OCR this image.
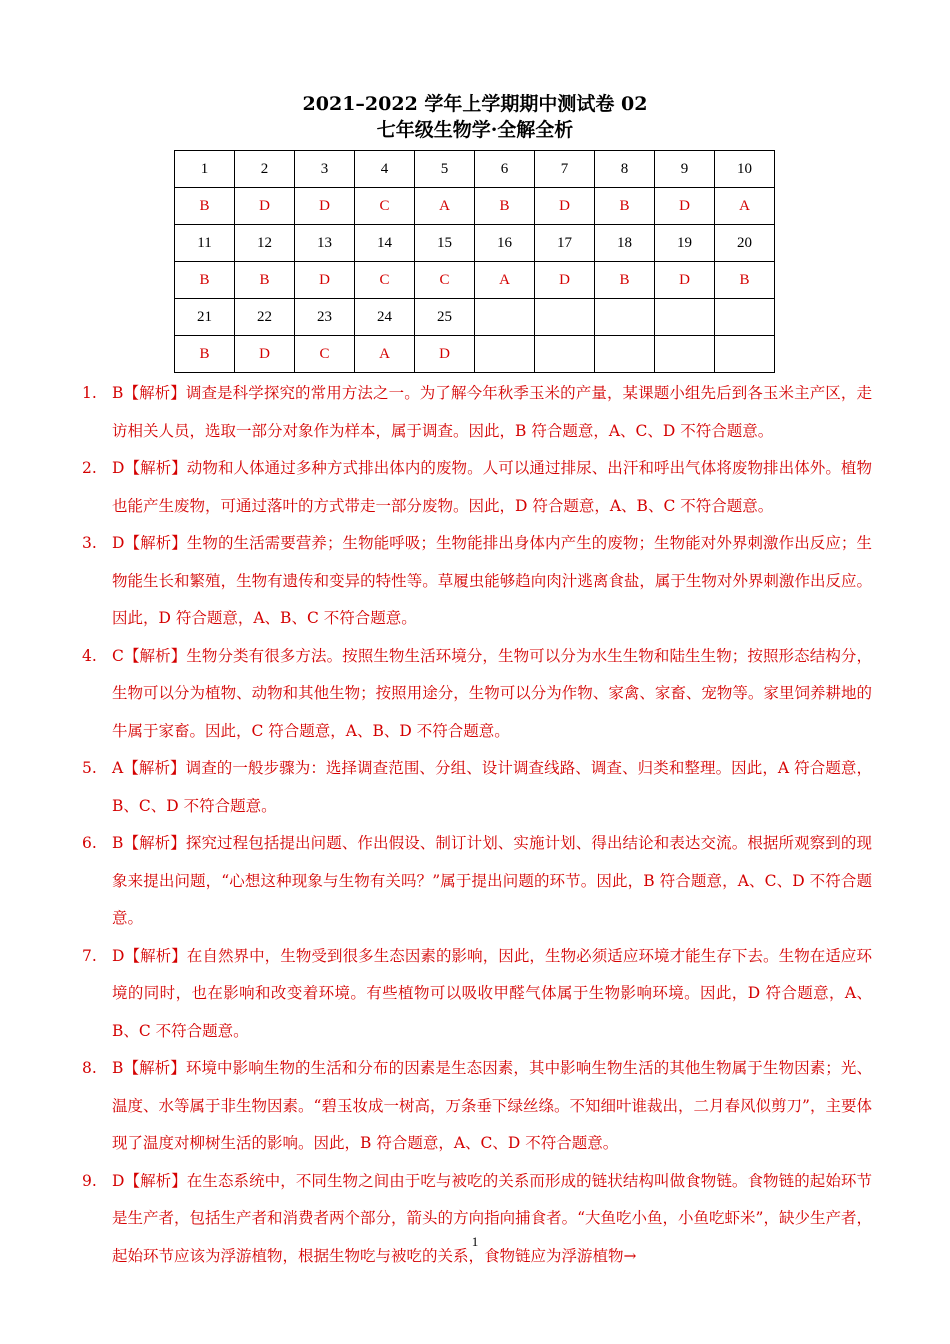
2021–2022 学年上学期期中测试卷 02
七年级生物学·全解全析
1	2	3	4	5	6	7	8	9	10
B	D	D	C	A	B	D	B	D	A
11	12	13	14	15	16	17	18	19	20
B	B	D	C	C	A	D	B	D	B
21	22	23	24	25					
B	D	C	A	D					
1. B【解析】调查是科学探究的常用方法之一。为了解今年秋季玉米的产量，某课题小组先后到各玉米主产区，走访相关人员，选取一部分对象作为样本，属于调查。因此，B 符合题意，A、C、D 不符合题意。
2. D【解析】动物和人体通过多种方式排出体内的废物。人可以通过排尿、出汗和呼出气体将废物排出体外。植物也能产生废物，可通过落叶的方式带走一部分废物。因此，D 符合题意，A、B、C 不符合题意。
3. D【解析】生物的生活需要营养；生物能呼吸；生物能排出身体内产生的废物；生物能对外界刺激作出反应；生物能生长和繁殖，生物有遗传和变异的特性等。草履虫能够趋向肉汁逃离食盐，属于生物对外界刺激作出反应。因此，D 符合题意，A、B、C 不符合题意。
4. C【解析】生物分类有很多方法。按照生物生活环境分，生物可以分为水生生物和陆生生物；按照形态结构分，生物可以分为植物、动物和其他生物；按照用途分，生物可以分为作物、家禽、家畜、宠物等。家里饲养耕地的牛属于家畜。因此，C 符合题意，A、B、D 不符合题意。
5. A【解析】调查的一般步骤为：选择调查范围、分组、设计调查线路、调查、归类和整理。因此，A 符合题意，B、C、D 不符合题意。
6. B【解析】探究过程包括提出问题、作出假设、制订计划、实施计划、得出结论和表达交流。根据所观察到的现象来提出问题，“心想这种现象与生物有关吗？”属于提出问题的环节。因此，B 符合题意，A、C、D 不符合题意。
7. D【解析】在自然界中，生物受到很多生态因素的影响，因此，生物必须适应环境才能生存下去。生物在适应环境的同时，也在影响和改变着环境。有些植物可以吸收甲醛气体属于生物影响环境。因此，D 符合题意，A、B、C 不符合题意。
8. B【解析】环境中影响生物的生活和分布的因素是生态因素，其中影响生物生活的其他生物属于生物因素；光、温度、水等属于非生物因素。“碧玉妆成一树高，万条垂下绿丝绦。不知细叶谁裁出，二月春风似剪刀”，主要体现了温度对柳树生活的影响。因此，B 符合题意，A、C、D 不符合题意。
9. D【解析】在生态系统中，不同生物之间由于吃与被吃的关系而形成的链状结构叫做食物链。食物链的起始环节是生产者，包括生产者和消费者两个部分，箭头的方向指向捕食者。“大鱼吃小鱼，小鱼吃虾米”，缺少生产者，起始环节应该为浮游植物，根据生物吃与被吃的关系，食物链应为浮游植物→
1
